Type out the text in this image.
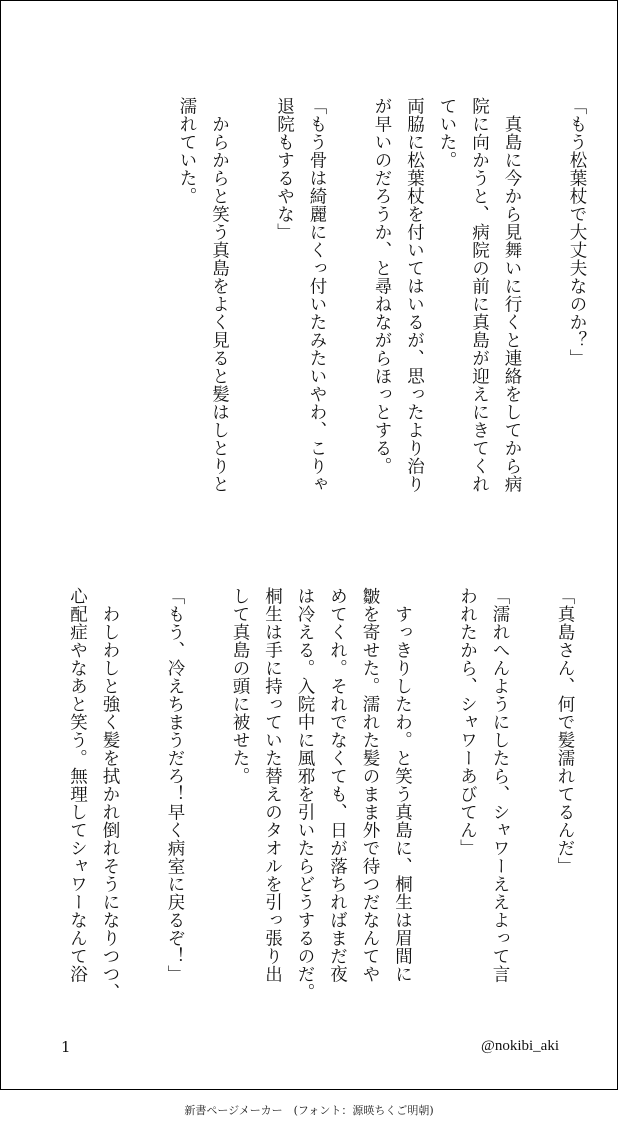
「もう松葉杖で大丈夫なのか？」

　真島に今から見舞いに行くと連絡をしてから病
院に向かうと、病院の前に真島が迎えにきてくれ
ていた。
両脇に松葉杖を付いてはいるが、思ったより治り
が早いのだろうか、と尋ねながらほっとする。

「もう骨は綺麗にくっ付いたみたいやわ、こりゃ
退院もするやな」

　からからと笑う真島をよく見ると髪はしとりと
濡れていた。
「真島さん、何で髪濡れてるんだ」

「濡れへんようにしたら、シャワーええよって言
われたから、シャワーあびてん」

　すっきりしたわ。と笑う真島に、桐生は眉間に
皺を寄せた。濡れた髪のまま外で待つだなんてや
めてくれ。それでなくても、日が落ちればまだ夜
は冷える。入院中に風邪を引いたらどうするのだ。
桐生は手に持っていた替えのタオルを引っ張り出
して真島の頭に被せた。

「もう、冷えちまうだろ！早く病室に戻るぞ！」

　わしわしと強く髪を拭かれ倒れそうになりつつ、
心配症やなあと笑う。無理してシャワーなんて浴
1	@nokibi_aki
新書ページメーカー　(フォント：源暎ちくご明朝)
